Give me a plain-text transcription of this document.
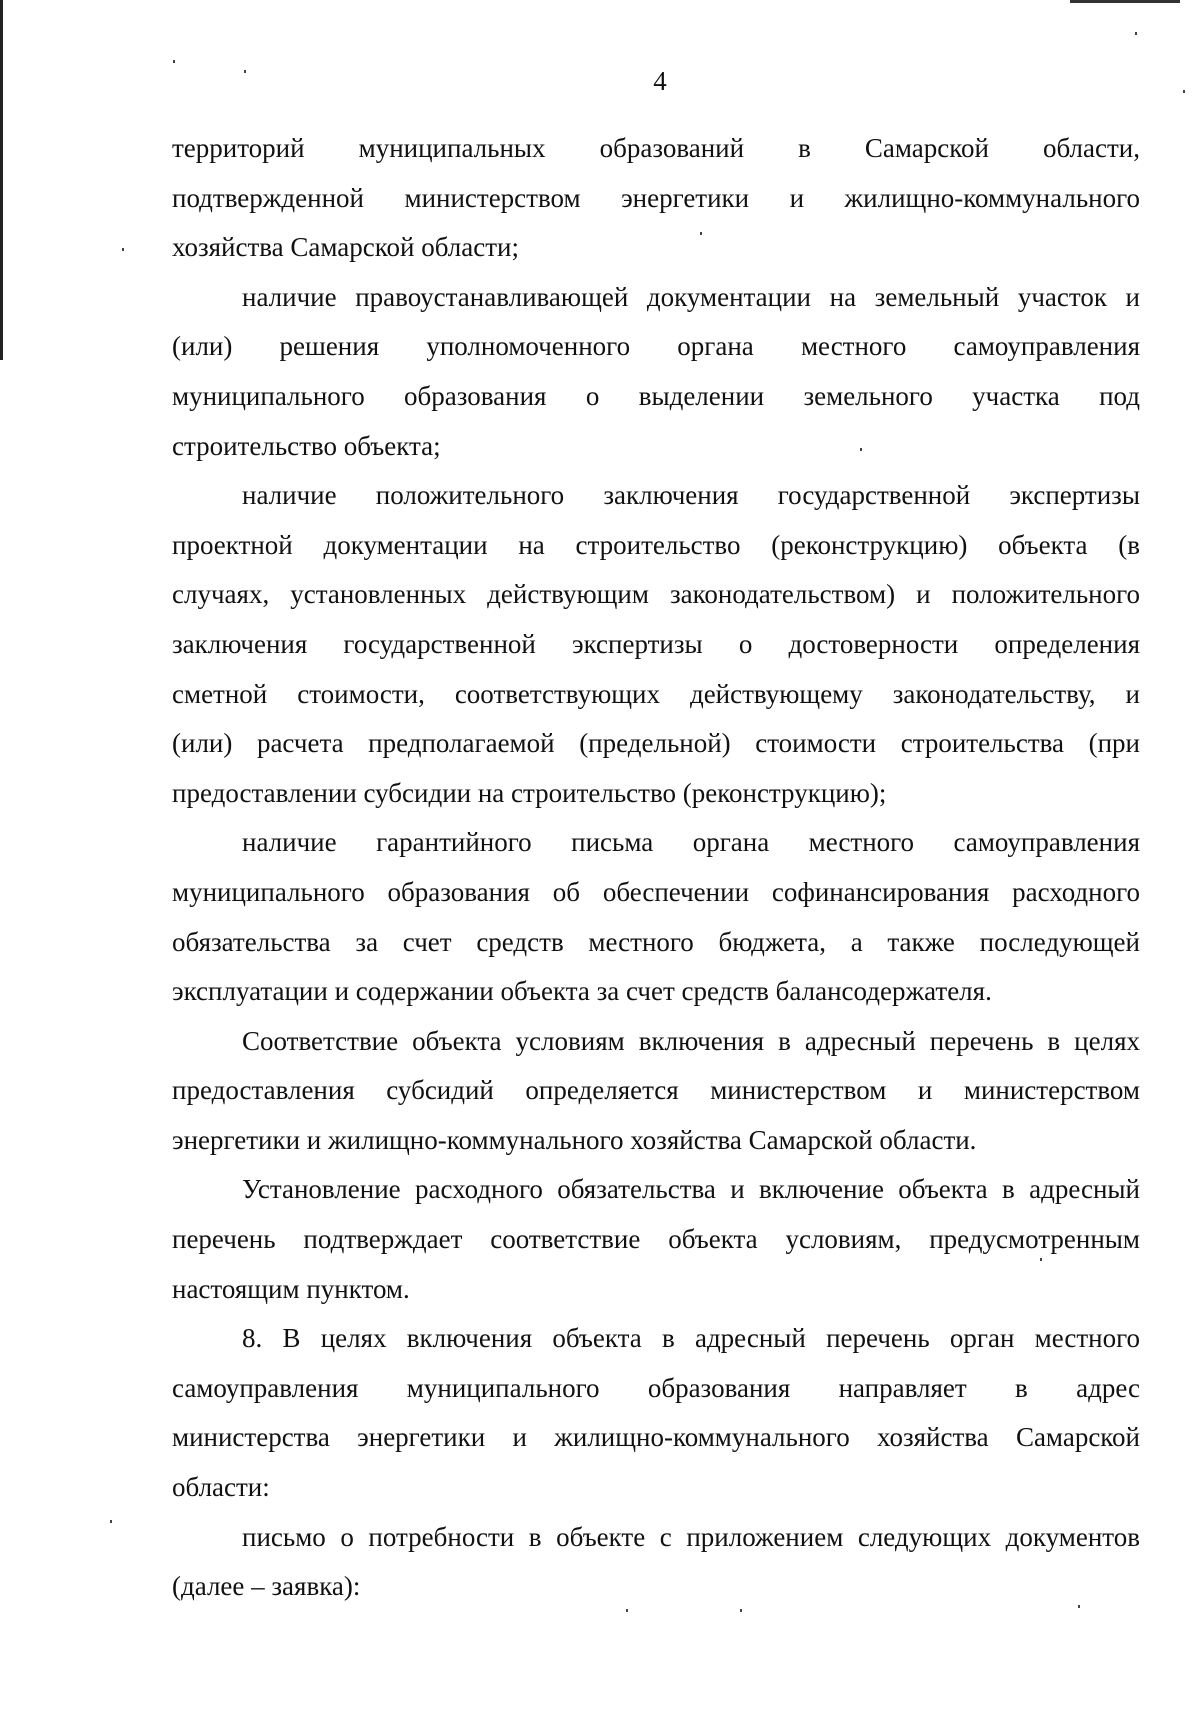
4
территорий муниципальных образований в Самарской области,
подтвержденной министерством энергетики и жилищно-коммунального
хозяйства Самарской области;
наличие правоустанавливающей документации на земельный участок и
(или) решения уполномоченного органа местного самоуправления
муниципального образования о выделении земельного участка под
строительство объекта;
наличие положительного заключения государственной экспертизы
проектной документации на строительство (реконструкцию) объекта (в
случаях, установленных действующим законодательством) и положительного
заключения государственной экспертизы о достоверности определения
сметной стоимости, соответствующих действующему законодательству, и
(или) расчета предполагаемой (предельной) стоимости строительства (при
предоставлении субсидии на строительство (реконструкцию);
наличие гарантийного письма органа местного самоуправления
муниципального образования об обеспечении софинансирования расходного
обязательства за счет средств местного бюджета, а также последующей
эксплуатации и содержании объекта за счет средств балансодержателя.
Соответствие объекта условиям включения в адресный перечень в целях
предоставления субсидий определяется министерством и министерством
энергетики и жилищно-коммунального хозяйства Самарской области.
Установление расходного обязательства и включение объекта в адресный
перечень подтверждает соответствие объекта условиям, предусмотренным
настоящим пунктом.
8. В целях включения объекта в адресный перечень орган местного
самоуправления муниципального образования направляет в адрес
министерства энергетики и жилищно-коммунального хозяйства Самарской
области:
письмо о потребности в объекте с приложением следующих документов
(далее – заявка):
